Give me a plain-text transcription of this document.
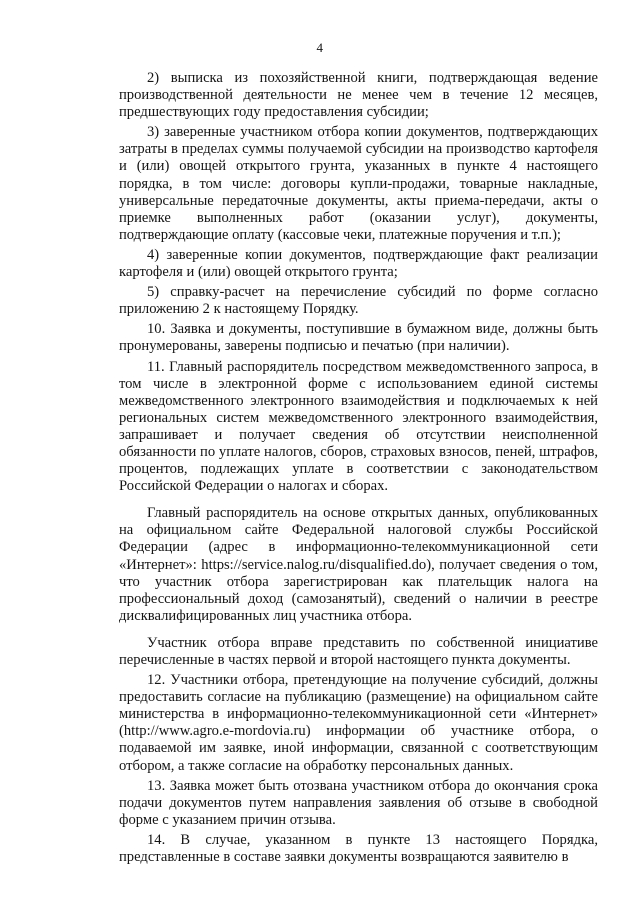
4

2) выписка из похозяйственной книги, подтверждающая ведение производственной деятельности не менее чем в течение 12 месяцев, предшествующих году предоставления субсидии;

3) заверенные участником отбора копии документов, подтверждающих затраты в пределах суммы получаемой субсидии на производство картофеля и (или) овощей открытого грунта, указанных в пункте 4 настоящего порядка, в том числе: договоры купли-продажи, товарные накладные, универсальные передаточные документы, акты приема-передачи, акты о приемке выполненных работ (оказании услуг), документы, подтверждающие оплату (кассовые чеки, платежные поручения и т.п.);

4) заверенные копии документов, подтверждающие факт реализации картофеля и (или) овощей открытого грунта;

5) справку-расчет на перечисление субсидий по форме согласно приложению 2 к настоящему Порядку.

10. Заявка и документы, поступившие в бумажном виде, должны быть пронумерованы, заверены подписью и печатью (при наличии).

11. Главный распорядитель посредством межведомственного запроса, в том числе в электронной форме с использованием единой системы межведомственного электронного взаимодействия и подключаемых к ней региональных систем межведомственного электронного взаимодействия, запрашивает и получает сведения об отсутствии неисполненной обязанности по уплате налогов, сборов, страховых взносов, пеней, штрафов, процентов, подлежащих уплате в соответствии с законодательством Российской Федерации о налогах и сборах.

Главный распорядитель на основе открытых данных, опубликованных на официальном сайте Федеральной налоговой службы Российской Федерации (адрес в информационно-телекоммуникационной сети «Интернет»: https://service.nalog.ru/disqualified.do), получает сведения о том, что участник отбора зарегистрирован как плательщик налога на профессиональный доход (самозанятый), сведений о наличии в реестре дисквалифицированных лиц участника отбора.

Участник отбора вправе представить по собственной инициативе перечисленные в частях первой и второй настоящего пункта документы.

12. Участники отбора, претендующие на получение субсидий, должны предоставить согласие на публикацию (размещение) на официальном сайте министерства в информационно-телекоммуникационной сети «Интернет» (http://www.agro.e-mordovia.ru) информации об участнике отбора, о подаваемой им заявке, иной информации, связанной с соответствующим отбором, а также согласие на обработку персональных данных.

13. Заявка может быть отозвана участником отбора до окончания срока подачи документов путем направления заявления об отзыве в свободной форме с указанием причин отзыва.

14. В случае, указанном в пункте 13 настоящего Порядка, представленные в составе заявки документы возвращаются заявителю в
